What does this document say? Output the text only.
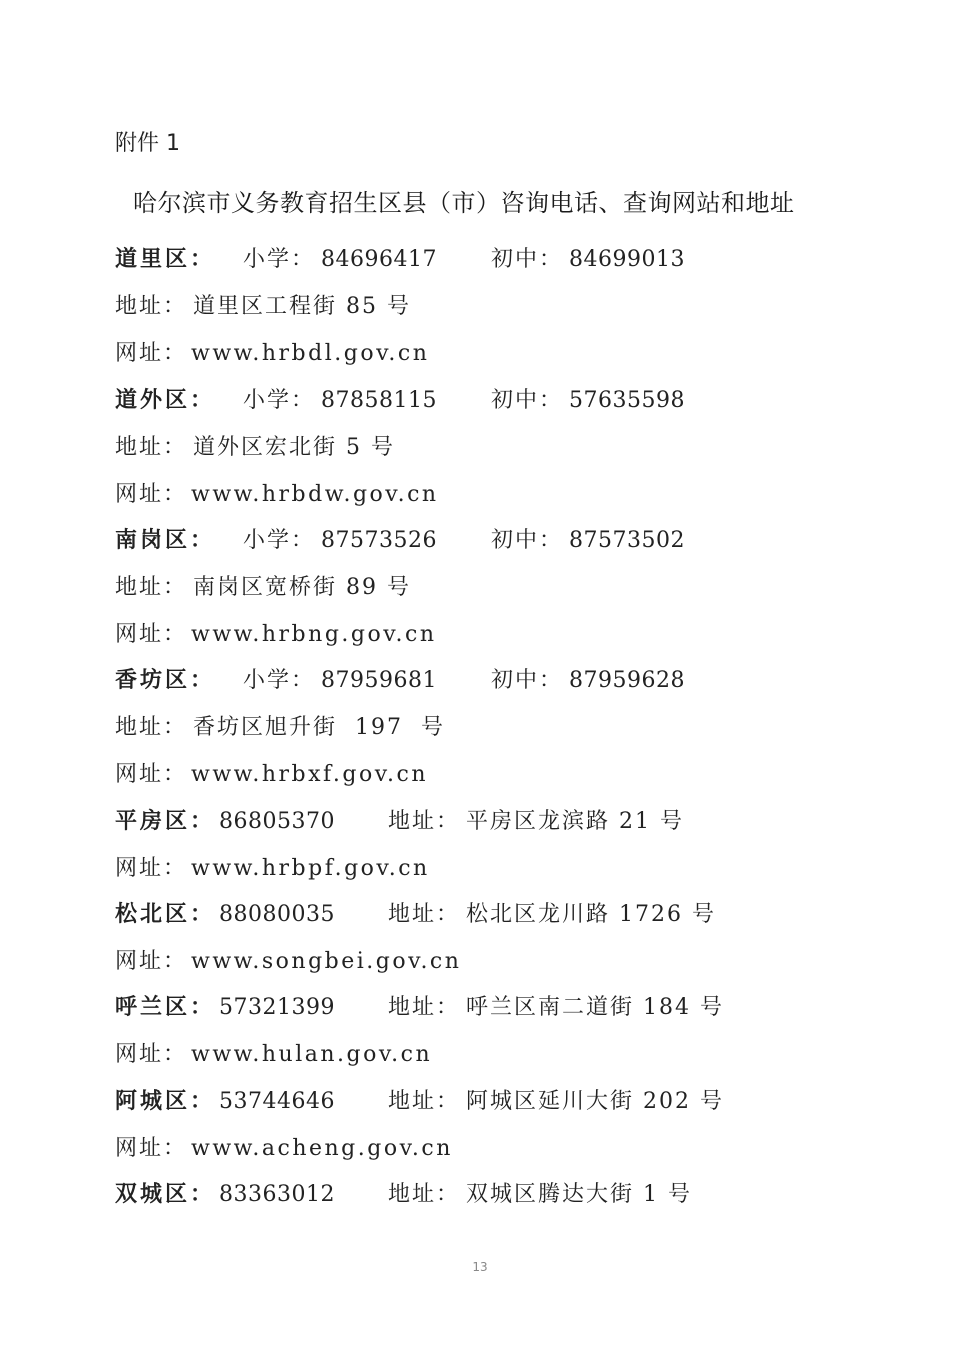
附件 1
哈尔滨市义务教育招生区县（市）咨询电话、查询网站和地址
道里区： 小学： 84696417 初中： 84699013
地址： 道里区工程街 85 号
网址： www.hrbdl.gov.cn
道外区： 小学： 87858115 初中： 57635598
地址： 道外区宏北街 5 号
网址： www.hrbdw.gov.cn
南岗区： 小学： 87573526 初中： 87573502
地址： 南岗区宽桥街 89 号
网址： www.hrbng.gov.cn
香坊区： 小学： 87959681 初中： 87959628
地址： 香坊区旭升街  197  号
网址： www.hrbxf.gov.cn
平房区： 86805370 地址： 平房区龙滨路 21 号
网址： www.hrbpf.gov.cn
松北区： 88080035 地址： 松北区龙川路 1726 号
网址： www.songbei.gov.cn
呼兰区： 57321399 地址： 呼兰区南二道街 184 号
网址： www.hulan.gov.cn
阿城区： 53744646 地址： 阿城区延川大街 202 号
网址： www.acheng.gov.cn
双城区： 83363012 地址： 双城区腾达大街 1 号
13
